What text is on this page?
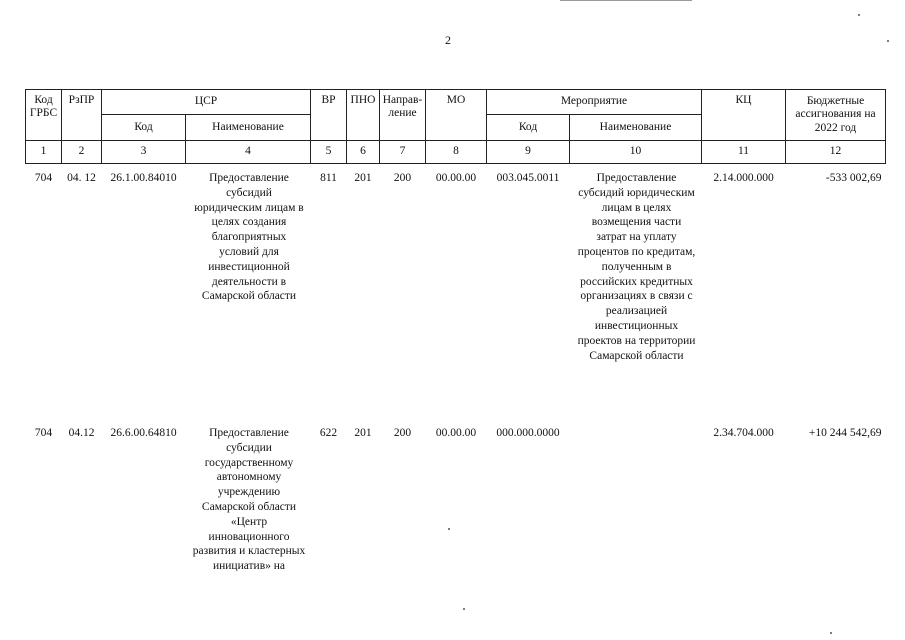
2
Код ГРБС	РзПР	ЦСР		ВР	ПНО	Направ-ление	МО	Мероприятие		КЦ	Бюджетные ассигнования на 2022 год
		Код	Наименование					Код	Наименование		
1	2	3	4	5	6	7	8	9	10	11	12
704	04. 12	26.1.00.84010	Предоставление субсидий юридическим лицам в целях создания благоприятных условий для инвестиционной деятельности в Самарской области	811	201	200	00.00.00	003.045.0011	Предоставление субсидий юридическим лицам в целях возмещения части затрат на уплату процентов по кредитам, полученным в российских кредитных организациях в связи с реализацией инвестиционных проектов на территории Самарской области	2.14.000.000	-533 002,69
704	04.12	26.6.00.64810	Предоставление субсидии государственному автономному учреждению Самарской области «Центр инновационного развития и кластерных инициатив» на	622	201	200	00.00.00	000.000.0000		2.34.704.000	+10 244 542,69
